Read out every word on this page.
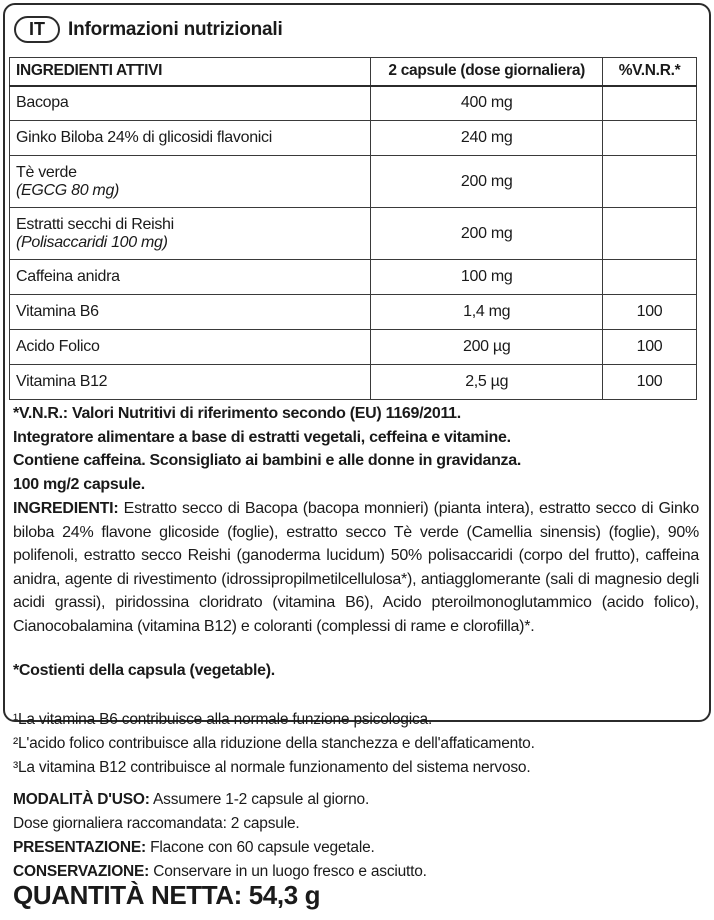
IT	Informazioni nutrizionali
INGREDIENTI ATTIVI	2 capsule (dose giornaliera)	%V.N.R.*
Bacopa	400 mg	
Ginko Biloba 24% di glicosidi flavonici	240 mg	
Tè verde
(EGCG 80 mg)	200 mg	
Estratti secchi di Reishi
(Polisaccaridi 100 mg)	200 mg	
Caffeina anidra	100 mg	
Vitamina B6	1,4 mg	100
Acido Folico	200 µg	100
Vitamina B12	2,5 µg	100
*V.N.R.: Valori Nutritivi di riferimento secondo (EU) 1169/2011.
Integratore alimentare a base di estratti vegetali, ceffeina e vitamine.
Contiene caffeina. Sconsigliato ai bambini e alle donne in gravidanza.
100 mg/2 capsule.
INGREDIENTI: Estratto secco di Bacopa (bacopa monnieri) (pianta intera), estratto secco di Ginko biloba 24% flavone glicoside (foglie), estratto secco Tè verde (Camellia sinensis) (foglie), 90% polifenoli, estratto secco Reishi (ganoderma lucidum) 50% polisaccaridi (corpo del frutto), caffeina anidra, agente di rivestimento (idrossipropilmetilcellulosa*), antiagglomerante (sali di magnesio degli acidi grassi), piridossina cloridrato (vitamina B6), Acido pteroilmonoglutammico (acido folico), Cianocobalamina (vitamina B12) e coloranti (complessi di rame e clorofilla)*.
*Costienti della capsula (vegetable).
¹La vitamina B6 contribuisce alla normale funzione psicologica.
²L'acido folico contribuisce alla riduzione della stanchezza e dell'affaticamento.
³La vitamina B12 contribuisce al normale funzionamento del sistema nervoso.
MODALITÀ D'USO: Assumere 1-2 capsule al giorno.
Dose giornaliera raccomandata: 2 capsule.
PRESENTAZIONE: Flacone con 60 capsule vegetale.
CONSERVAZIONE: Conservare in un luogo fresco e asciutto.
QUANTITÀ NETTA: 54,3 g
